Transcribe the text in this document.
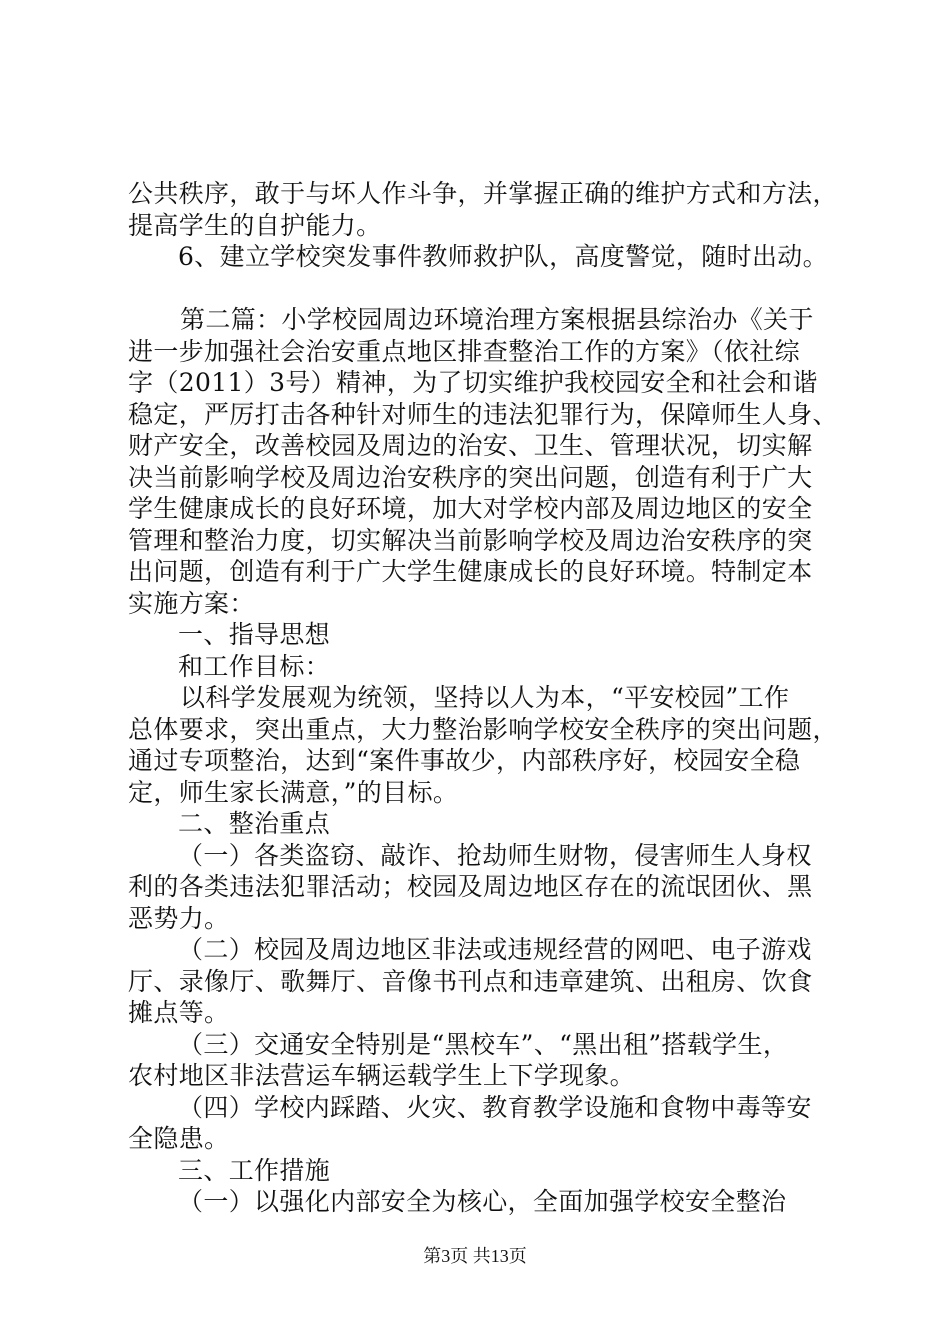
公共秩序，敢于与坏人作斗争，并掌握正确的维护方式和方法，
提高学生的自护能力。
6、建立学校突发事件教师救护队，高度警觉，随时出动。
第二篇：小学校园周边环境治理方案根据县综治办《关于
进一步加强社会治安重点地区排查整治工作的方案》（依社综
字（2011）3号）精神，为了切实维护我校园安全和社会和谐
稳定，严厉打击各种针对师生的违法犯罪行为，保障师生人身、
财产安全，改善校园及周边的治安、卫生、管理状况，切实解
决当前影响学校及周边治安秩序的突出问题，创造有利于广大
学生健康成长的良好环境，加大对学校内部及周边地区的安全
管理和整治力度，切实解决当前影响学校及周边治安秩序的突
出问题，创造有利于广大学生健康成长的良好环境。特制定本
实施方案：
一、指导思想
和工作目标：
以科学发展观为统领，坚持以人为本，“平安校园”工作
总体要求，突出重点，大力整治影响学校安全秩序的突出问题，
通过专项整治，达到“案件事故少，内部秩序好，校园安全稳
定，师生家长满意，”的目标。
二、整治重点
（一）各类盗窃、敲诈、抢劫师生财物，侵害师生人身权
利的各类违法犯罪活动；校园及周边地区存在的流氓团伙、黑
恶势力。
（二）校园及周边地区非法或违规经营的网吧、电子游戏
厅、录像厅、歌舞厅、音像书刊点和违章建筑、出租房、饮食
摊点等。
（三）交通安全特别是“黑校车”、“黑出租”搭载学生，
农村地区非法营运车辆运载学生上下学现象。
（四）学校内踩踏、火灾、教育教学设施和食物中毒等安
全隐患。
三、工作措施
（一）以强化内部安全为核心，全面加强学校安全整治
第3页 共13页
